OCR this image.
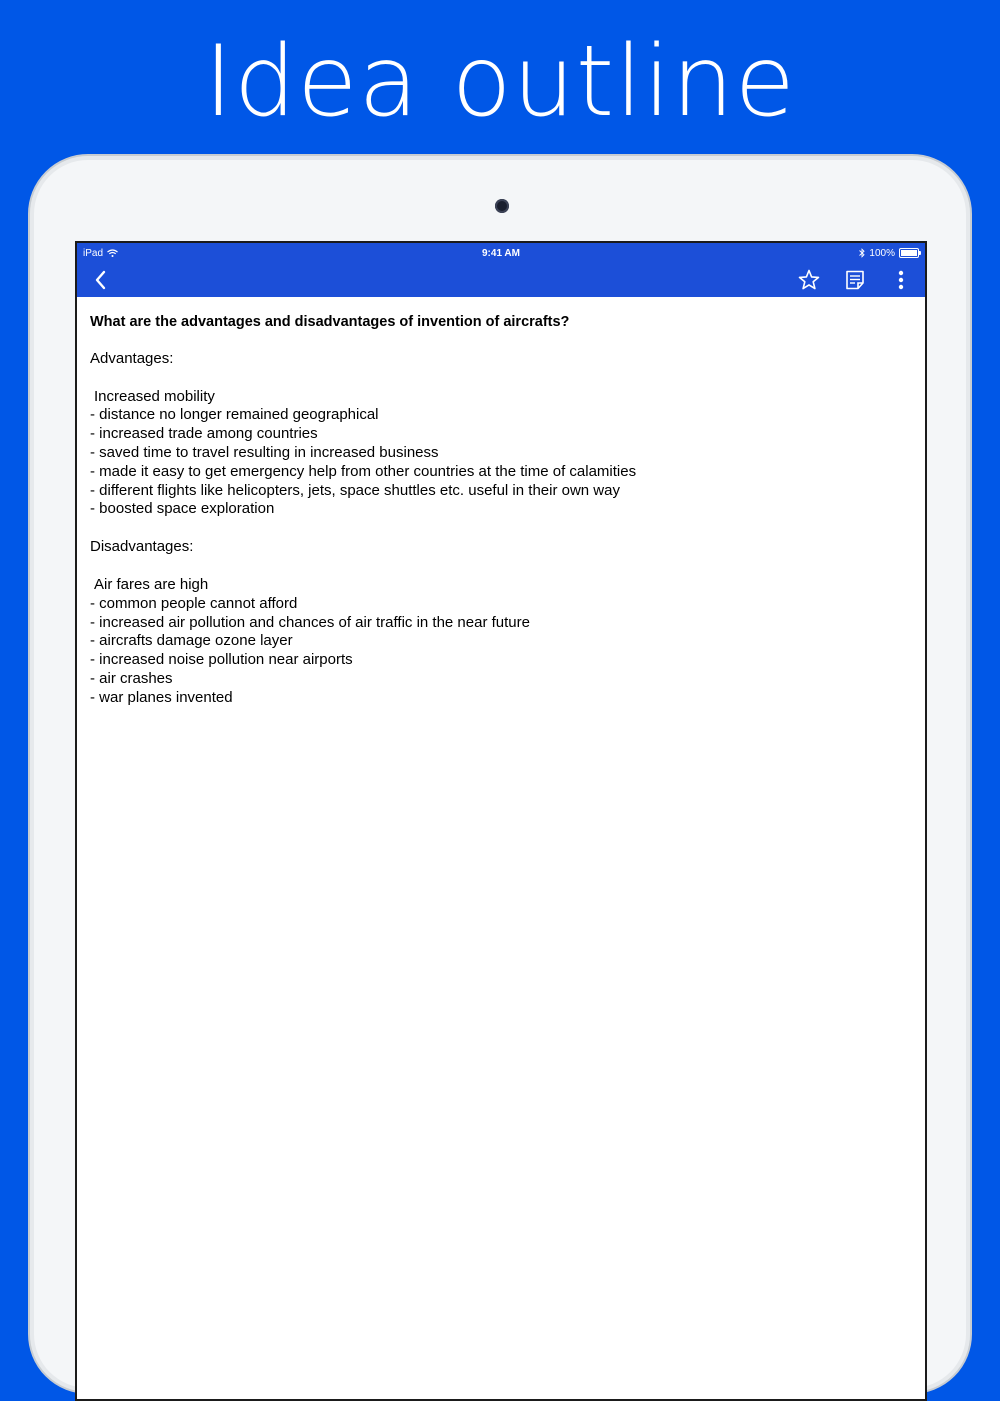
Idea outline
iPad	9:41 AM	100%

What are the advantages and disadvantages of invention of aircrafts?

Advantages:

Increased mobility

- distance no longer remained geographical
- increased trade among countries
- saved time to travel resulting in increased business
- made it easy to get emergency help from other countries at the time of calamities
- different flights like helicopters, jets, space shuttles etc. useful in their own way
- boosted space exploration

Disadvantages:

Air fares are high

- common people cannot afford
- increased air pollution and chances of air traffic in the near future
- aircrafts damage ozone layer
- increased noise pollution near airports
- air crashes
- war planes invented
